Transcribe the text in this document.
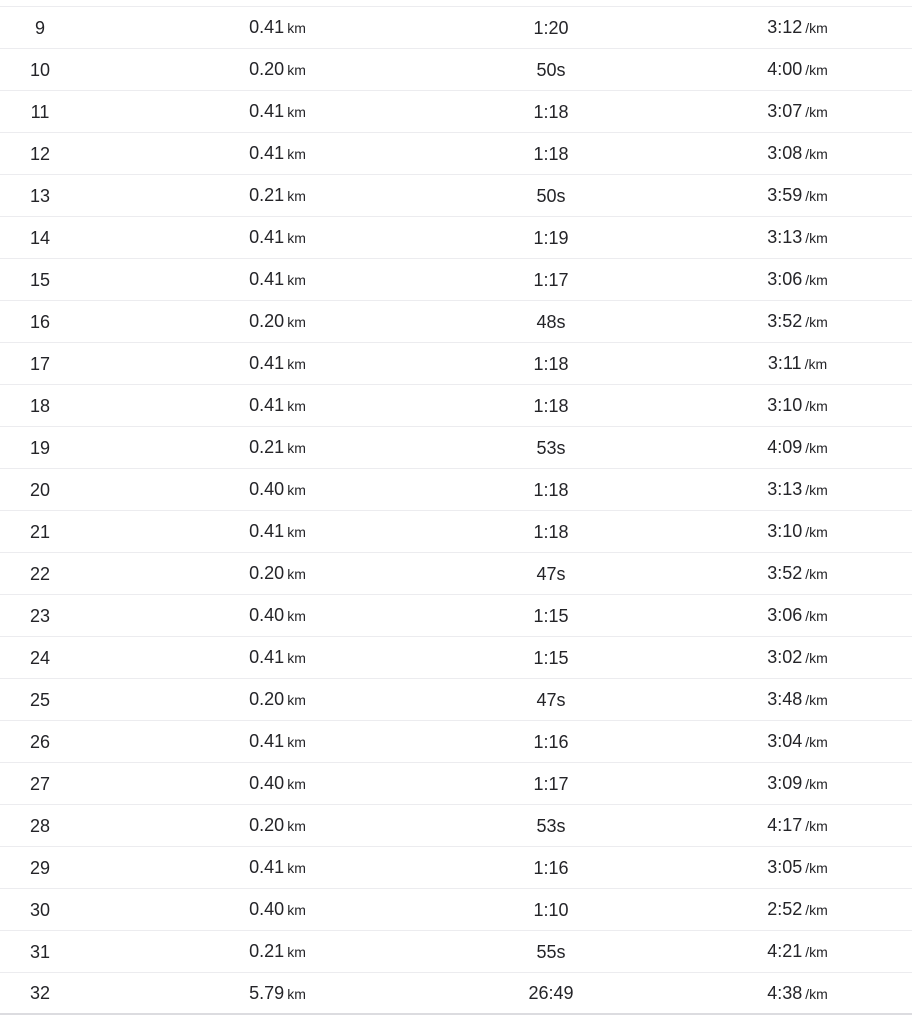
9	0.41 km	1:20	3:12 /km
10	0.20 km	50s	4:00 /km
11	0.41 km	1:18	3:07 /km
12	0.41 km	1:18	3:08 /km
13	0.21 km	50s	3:59 /km
14	0.41 km	1:19	3:13 /km
15	0.41 km	1:17	3:06 /km
16	0.20 km	48s	3:52 /km
17	0.41 km	1:18	3:11 /km
18	0.41 km	1:18	3:10 /km
19	0.21 km	53s	4:09 /km
20	0.40 km	1:18	3:13 /km
21	0.41 km	1:18	3:10 /km
22	0.20 km	47s	3:52 /km
23	0.40 km	1:15	3:06 /km
24	0.41 km	1:15	3:02 /km
25	0.20 km	47s	3:48 /km
26	0.41 km	1:16	3:04 /km
27	0.40 km	1:17	3:09 /km
28	0.20 km	53s	4:17 /km
29	0.41 km	1:16	3:05 /km
30	0.40 km	1:10	2:52 /km
31	0.21 km	55s	4:21 /km
32	5.79 km	26:49	4:38 /km
